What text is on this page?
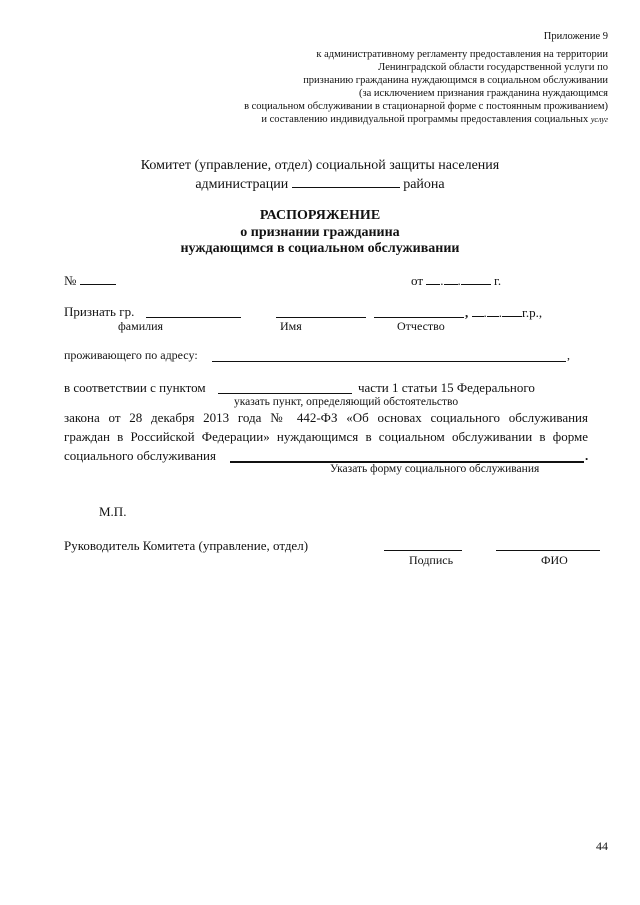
Приложение 9
к административному регламенту предоставления на территории
Ленинградской области государственной услуги по
признанию гражданина нуждающимся в социальном обслуживании
(за исключением признания гражданина нуждающимся
в социальном обслуживании в стационарной форме с постоянным проживанием)
и составлению индивидуальной программы предоставления социальных услуг
Комитет (управление, отдел) социальной защиты населения
администрации	района
РАСПОРЯЖЕНИЕ
о признании гражданина
нуждающимся в социальном обслуживании
№	от . .	г.
Признать гр.	, . . г.р.,
фамилия	Имя	Отчество
проживающего по адресу:	,
в соответствии с пунктом	части 1 статьи 15 Федерального
указать пункт, определяющий обстоятельство
закона от 28 декабря 2013 года № 442-ФЗ «Об основах социального обслуживания
граждан в Российской Федерации» нуждающимся в социальном обслуживании в форме
социального обслуживания	.
Указать форму социального обслуживания
М.П.
Руководитель Комитета (управление, отдел)
Подпись	ФИО
44
